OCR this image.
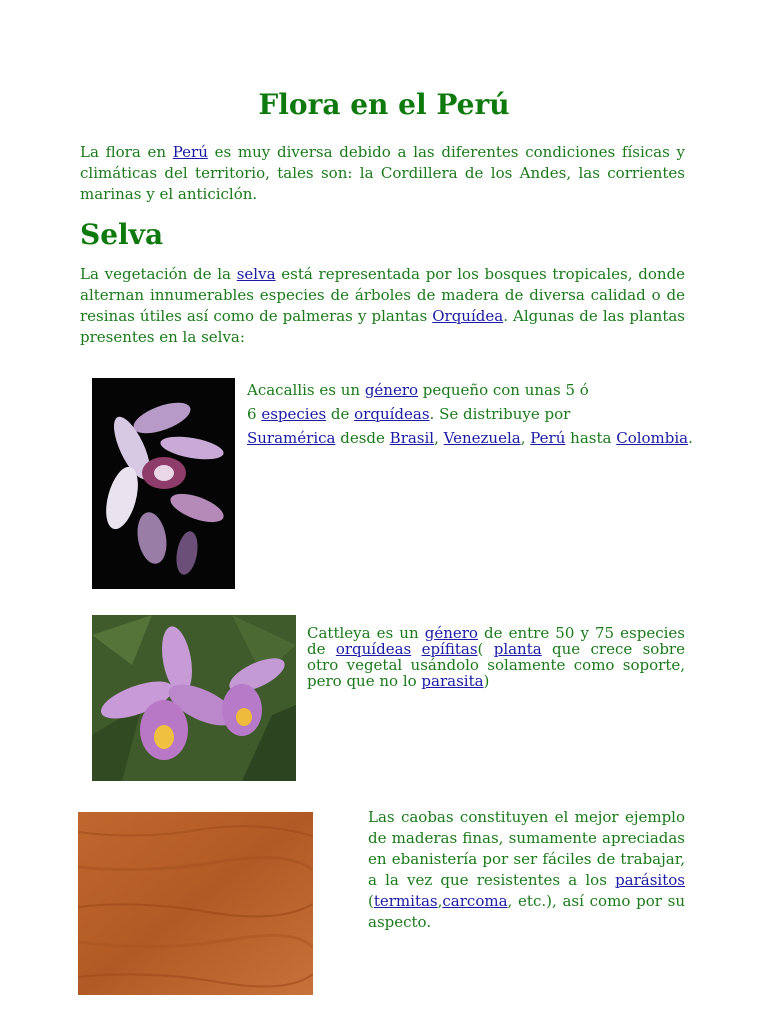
Flora en el Perú

La flora en Perú es muy diversa debido a las diferentes condiciones físicas y climáticas del territorio, tales son: la Cordillera de los Andes, las corrientes marinas y el anticiclón.

Selva

La vegetación de la selva está representada por los bosques tropicales, donde alternan innumerables especies de árboles de madera de diversa calidad o de resinas útiles así como de palmeras y plantas Orquídea. Algunas de las plantas presentes en la selva:

Acacallis es un género pequeño con unas 5 ó
6 especies de orquídeas. Se distribuye por
Suramérica desde Brasil, Venezuela, Perú hasta Colombia.
Cattleya es un género de entre 50 y 75 especies de orquídeas epífitas( planta que crece sobre otro vegetal usándolo solamente como soporte, pero que no lo parasita)
Las caobas constituyen el mejor ejemplo de maderas finas, sumamente apreciadas en ebanistería por ser fáciles de trabajar, a la vez que resistentes a los parásitos (termitas,carcoma, etc.), así como por su aspecto.
